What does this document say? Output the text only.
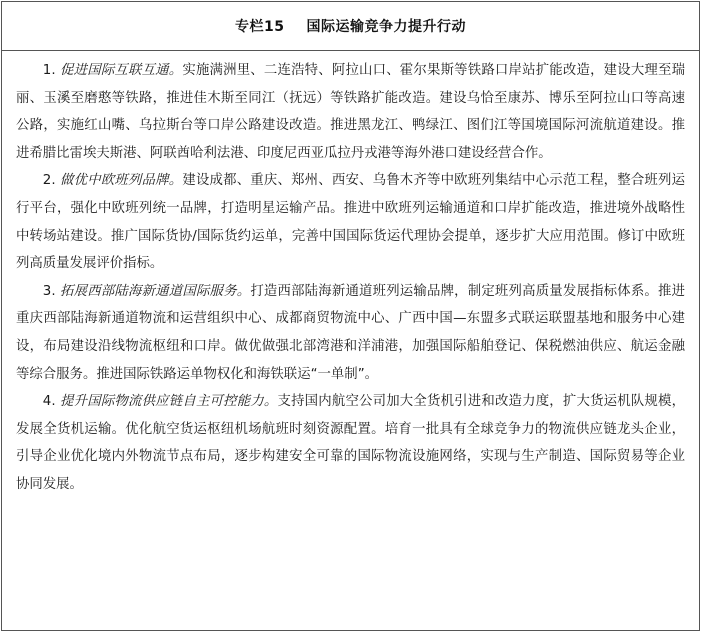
专栏15 国际运输竞争力提升行动

1. 促进国际互联互通。实施满洲里、二连浩特、阿拉山口、霍尔果斯等铁路口岸站扩能改造，建设大理至瑞丽、玉溪至磨憨等铁路，推进佳木斯至同江（抚远）等铁路扩能改造。建设乌恰至康苏、博乐至阿拉山口等高速公路，实施红山嘴、乌拉斯台等口岸公路建设改造。推进黑龙江、鸭绿江、图们江等国境国际河流航道建设。推进希腊比雷埃夫斯港、阿联酋哈利法港、印度尼西亚瓜拉丹戎港等海外港口建设经营合作。

2. 做优中欧班列品牌。建设成都、重庆、郑州、西安、乌鲁木齐等中欧班列集结中心示范工程，整合班列运行平台，强化中欧班列统一品牌，打造明星运输产品。推进中欧班列运输通道和口岸扩能改造，推进境外战略性中转场站建设。推广国际货协/国际货约运单，完善中国国际货运代理协会提单，逐步扩大应用范围。修订中欧班列高质量发展评价指标。

3. 拓展西部陆海新通道国际服务。打造西部陆海新通道班列运输品牌，制定班列高质量发展指标体系。推进重庆西部陆海新通道物流和运营组织中心、成都商贸物流中心、广西中国—东盟多式联运联盟基地和服务中心建设，布局建设沿线物流枢纽和口岸。做优做强北部湾港和洋浦港，加强国际船舶登记、保税燃油供应、航运金融等综合服务。推进国际铁路运单物权化和海铁联运“一单制”。

4. 提升国际物流供应链自主可控能力。支持国内航空公司加大全货机引进和改造力度，扩大货运机队规模，发展全货机运输。优化航空货运枢纽机场航班时刻资源配置。培育一批具有全球竞争力的物流供应链龙头企业，引导企业优化境内外物流节点布局，逐步构建安全可靠的国际物流设施网络，实现与生产制造、国际贸易等企业协同发展。
